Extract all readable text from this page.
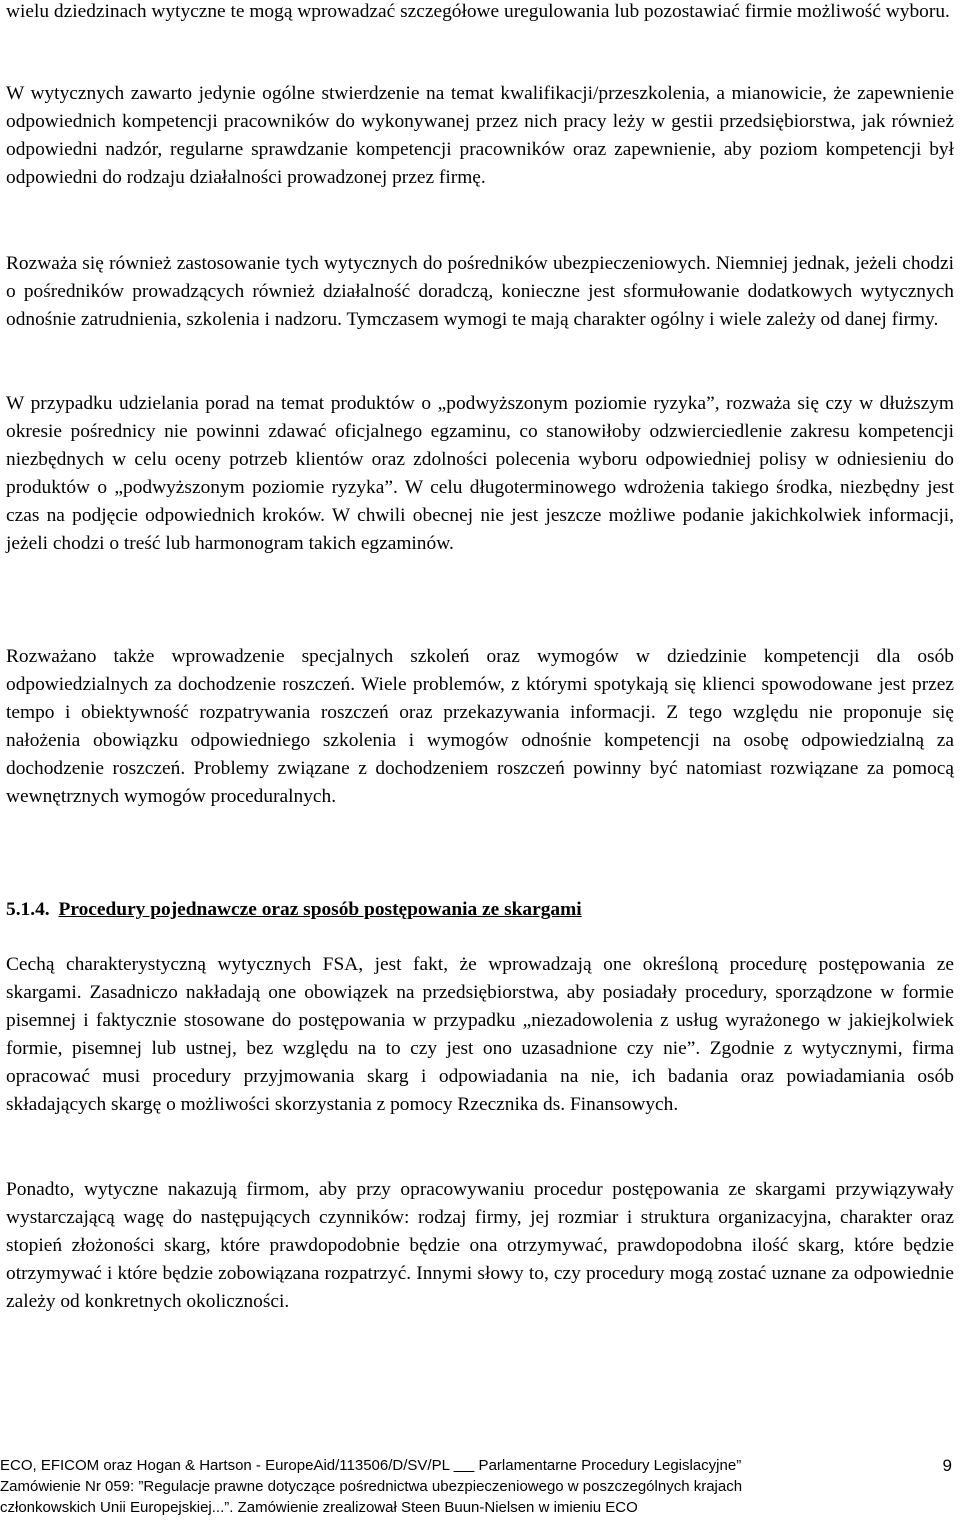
wielu dziedzinach wytyczne te mogą wprowadzać szczegółowe uregulowania lub pozostawiać firmie możliwość wyboru.

W wytycznych zawarto jedynie ogólne stwierdzenie na temat kwalifikacji/przeszkolenia, a mianowicie, że zapewnienie odpowiednich kompetencji pracowników do wykonywanej przez nich pracy leży w gestii przedsiębiorstwa, jak również odpowiedni nadzór, regularne sprawdzanie kompetencji pracowników oraz zapewnienie, aby poziom kompetencji był odpowiedni do rodzaju działalności prowadzonej przez firmę.

Rozważa się również zastosowanie tych wytycznych do pośredników ubezpieczeniowych. Niemniej jednak, jeżeli chodzi o pośredników prowadzących również działalność doradczą, konieczne jest sformułowanie dodatkowych wytycznych odnośnie zatrudnienia, szkolenia i nadzoru. Tymczasem wymogi te mają charakter ogólny i wiele zależy od danej firmy.

W przypadku udzielania porad na temat produktów o „podwyższonym poziomie ryzyka”, rozważa się czy w dłuższym okresie pośrednicy nie powinni zdawać oficjalnego egzaminu, co stanowiłoby odzwierciedlenie zakresu kompetencji niezbędnych w celu oceny potrzeb klientów oraz zdolności polecenia wyboru odpowiedniej polisy w odniesieniu do produktów o „podwyższonym poziomie ryzyka”. W celu długoterminowego wdrożenia takiego środka, niezbędny jest czas na podjęcie odpowiednich kroków. W chwili obecnej nie jest jeszcze możliwe podanie jakichkolwiek informacji, jeżeli chodzi o treść lub harmonogram takich egzaminów.

Rozważano także wprowadzenie specjalnych szkoleń oraz wymogów w dziedzinie kompetencji dla osób odpowiedzialnych za dochodzenie roszczeń. Wiele problemów, z którymi spotykają się klienci spowodowane jest przez tempo i obiektywność rozpatrywania roszczeń oraz przekazywania informacji. Z tego względu nie proponuje się nałożenia obowiązku odpowiedniego szkolenia i wymogów odnośnie kompetencji na osobę odpowiedzialną za dochodzenie roszczeń. Problemy związane z dochodzeniem roszczeń powinny być natomiast rozwiązane za pomocą wewnętrznych wymogów proceduralnych.

5.1.4. Procedury pojednawcze oraz sposób postępowania ze skargami

Cechą charakterystyczną wytycznych FSA, jest fakt, że wprowadzają one określoną procedurę postępowania ze skargami. Zasadniczo nakładają one obowiązek na przedsiębiorstwa, aby posiadały procedury, sporządzone w formie pisemnej i faktycznie stosowane do postępowania w przypadku „niezadowolenia z usług wyrażonego w jakiejkolwiek formie, pisemnej lub ustnej, bez względu na to czy jest ono uzasadnione czy nie”. Zgodnie z wytycznymi, firma opracować musi procedury przyjmowania skarg i odpowiadania na nie, ich badania oraz powiadamiania osób składających skargę o możliwości skorzystania z pomocy Rzecznika ds. Finansowych.

Ponadto, wytyczne nakazują firmom, aby przy opracowywaniu procedur postępowania ze skargami przywiązywały wystarczającą wagę do następujących czynników: rodzaj firmy, jej rozmiar i struktura organizacyjna, charakter oraz stopień złożoności skarg, które prawdopodobnie będzie ona otrzymywać, prawdopodobna ilość skarg, które będzie otrzymywać i które będzie zobowiązana rozpatrzyć. Innymi słowy to, czy procedury mogą zostać uznane za odpowiednie zależy od konkretnych okoliczności.

ECO, EFICOM oraz Hogan & Hartson - EuropeAid/113506/D/SV/PL       Parlamentarne Procedury Legislacyjne”
Zamówienie Nr 059: ”Regulacje prawne dotyczące pośrednictwa ubezpieczeniowego w poszczególnych krajach
członkowskich Unii Europejskiej...”. Zamówienie zrealizował Steen Buun-Nielsen w imieniu ECO
9
